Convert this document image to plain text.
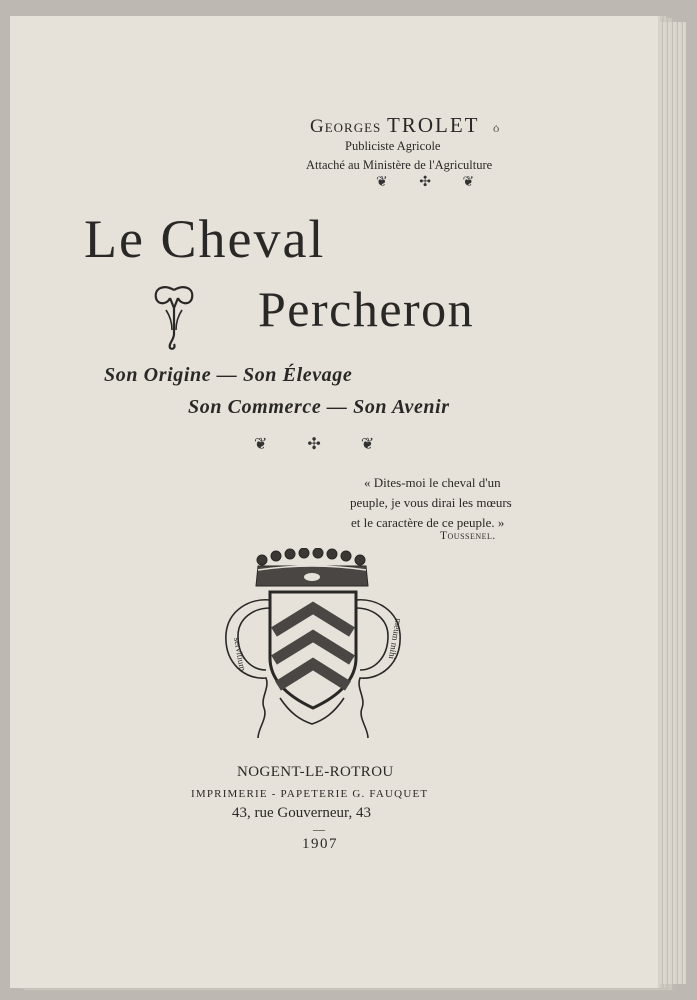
Georges TROLET ȯ
Publiciste Agricole
Attaché au Ministère de l'Agriculture
❦ ✣ ❦
Le Cheval
Percheron
Son Origine — Son Élevage
Son Commerce — Son Avenir
❦ ✣ ❦
« Dites-moi le cheval d'un
peuple, je vous dirai les mœurs
et le caractère de ce peuple. »
Toussenel.
servitium	meum mihi
NOGENT-LE-ROTROU
IMPRIMERIE - PAPETERIE G. FAUQUET
43, rue Gouverneur, 43
—
1907
